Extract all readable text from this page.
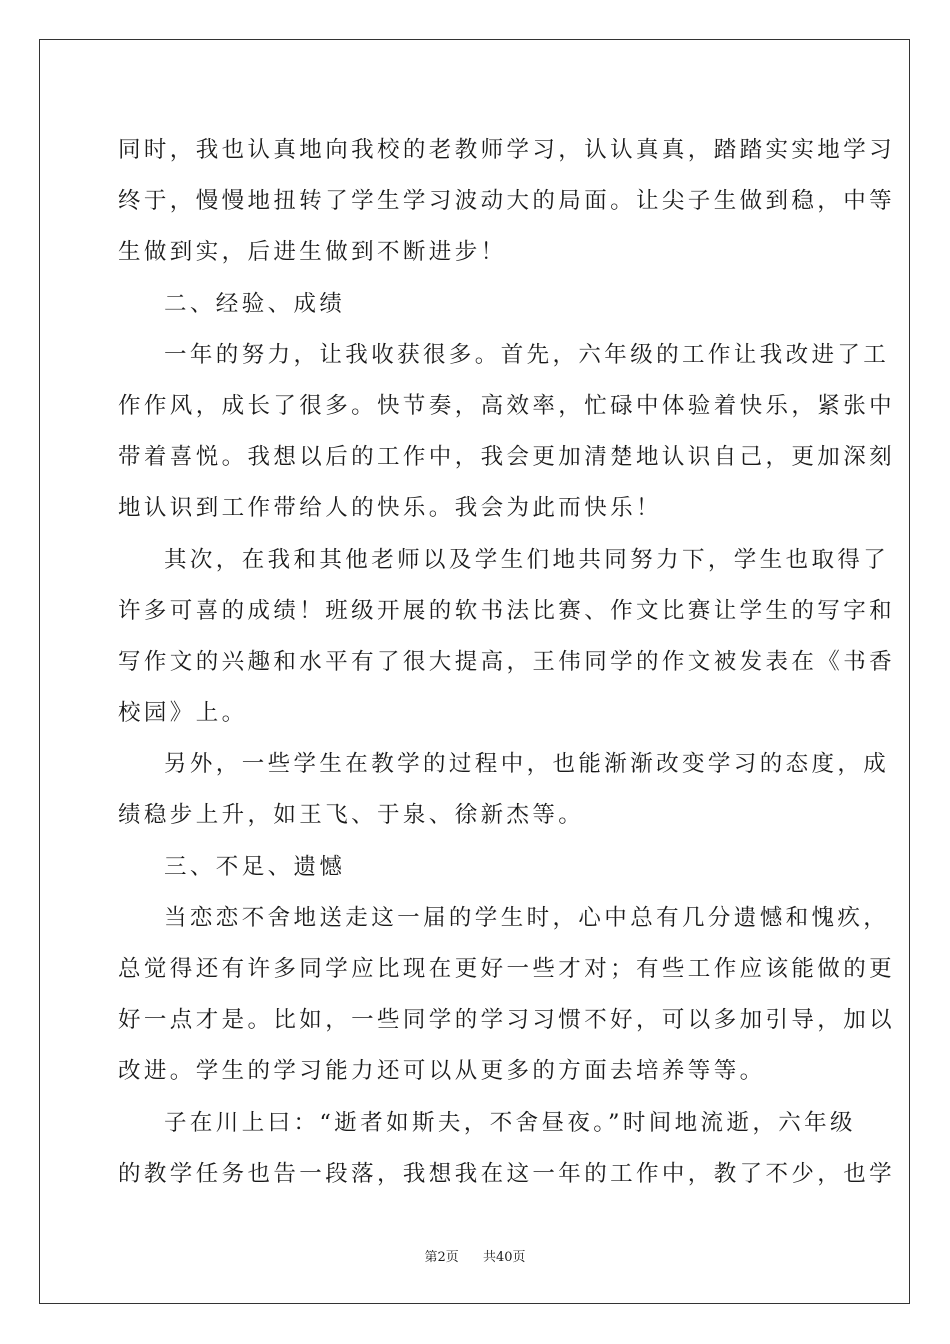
同时，我也认真地向我校的老教师学习，认认真真，踏踏实实地学习
终于，慢慢地扭转了学生学习波动大的局面。让尖子生做到稳，中等
生做到实，后进生做到不断进步！
二、经验、成绩
一年的努力，让我收获很多。首先，六年级的工作让我改进了工
作作风，成长了很多。快节奏，高效率，忙碌中体验着快乐，紧张中
带着喜悦。我想以后的工作中，我会更加清楚地认识自己，更加深刻
地认识到工作带给人的快乐。我会为此而快乐！
其次，在我和其他老师以及学生们地共同努力下，学生也取得了
许多可喜的成绩！班级开展的软书法比赛、作文比赛让学生的写字和
写作文的兴趣和水平有了很大提高，王伟同学的作文被发表在《书香
校园》上。
另外，一些学生在教学的过程中，也能渐渐改变学习的态度，成
绩稳步上升，如王飞、于泉、徐新杰等。
三、不足、遗憾
当恋恋不舍地送走这一届的学生时，心中总有几分遗憾和愧疚，
总觉得还有许多同学应比现在更好一些才对；有些工作应该能做的更
好一点才是。比如，一些同学的学习习惯不好，可以多加引导，加以
改进。学生的学习能力还可以从更多的方面去培养等等。
子在川上曰：“逝者如斯夫，不舍昼夜。”时间地流逝，六年级
的教学任务也告一段落，我想我在这一年的工作中，教了不少，也学
第2页 共40页
